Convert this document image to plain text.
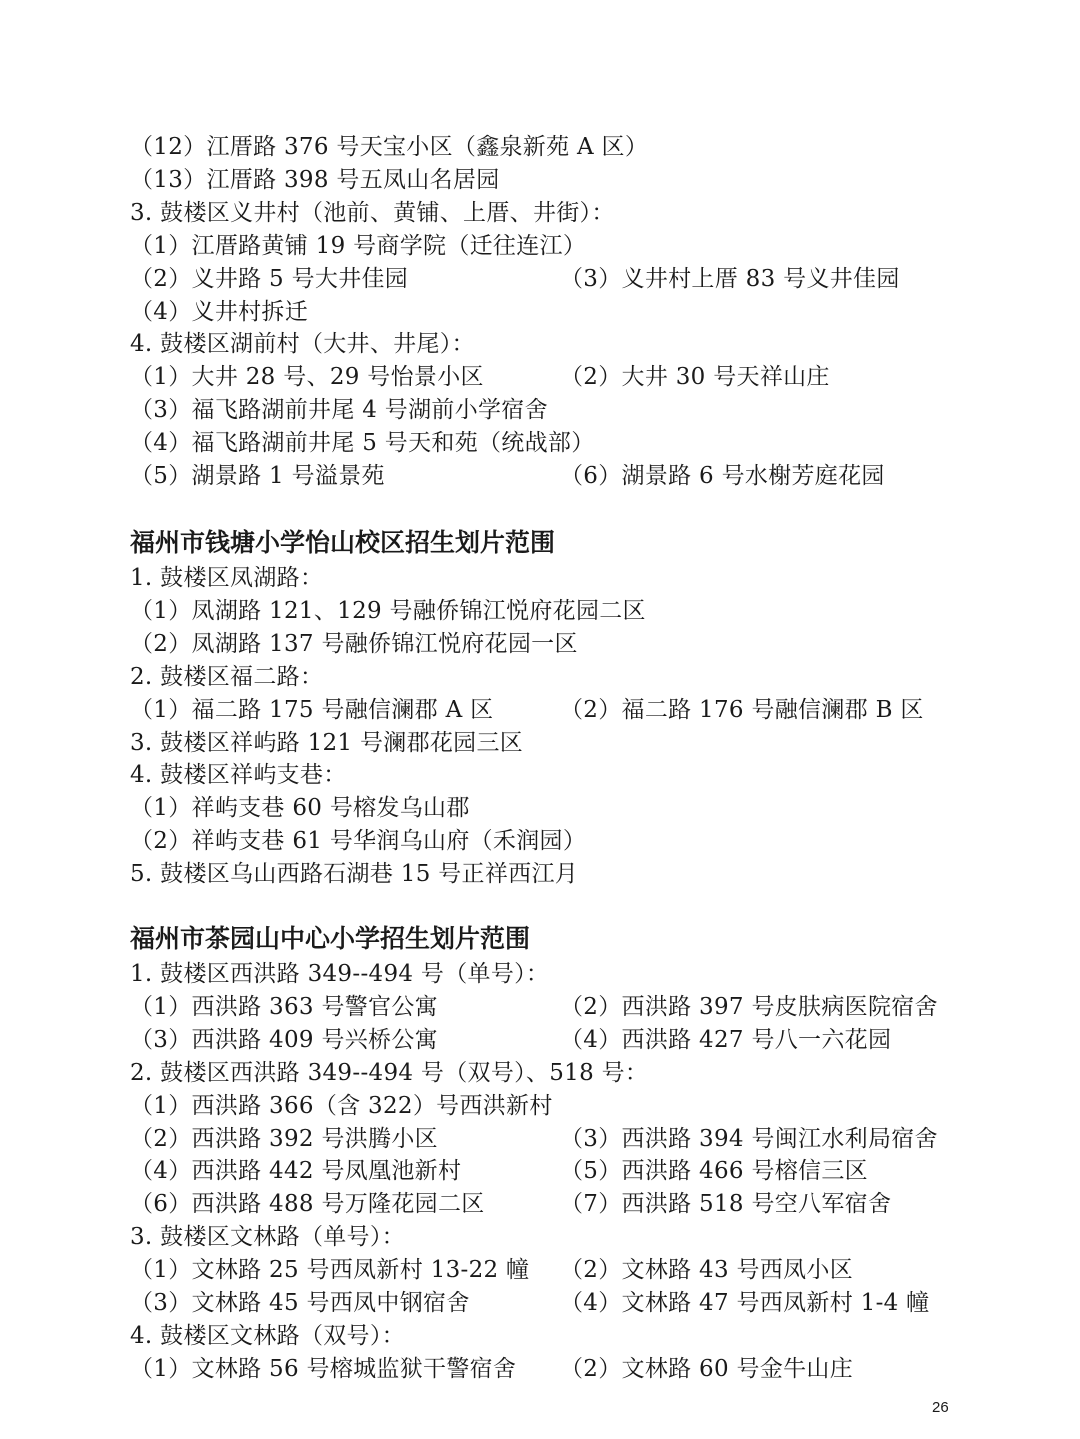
（12）江厝路 376 号天宝小区（鑫泉新苑 A 区）
（13）江厝路 398 号五凤山名居园
3. 鼓楼区义井村（池前、黄铺、上厝、井街）：
（1）江厝路黄铺 19 号商学院（迁往连江）
（2）义井路 5 号大井佳园	（3）义井村上厝 83 号义井佳园
（4）义井村拆迁
4. 鼓楼区湖前村（大井、井尾）：
（1）大井 28 号、29 号怡景小区	（2）大井 30 号天祥山庄
（3）福飞路湖前井尾 4 号湖前小学宿舍
（4）福飞路湖前井尾 5 号天和苑（统战部）
（5）湖景路 1 号溢景苑	（6）湖景路 6 号水榭芳庭花园
福州市钱塘小学怡山校区招生划片范围
1. 鼓楼区凤湖路：
（1）凤湖路 121、129 号融侨锦江悦府花园二区
（2）凤湖路 137 号融侨锦江悦府花园一区
2. 鼓楼区福二路：
（1）福二路 175 号融信澜郡 A 区	（2）福二路 176 号融信澜郡 B 区
3. 鼓楼区祥屿路 121 号澜郡花园三区
4. 鼓楼区祥屿支巷：
（1）祥屿支巷 60 号榕发乌山郡
（2）祥屿支巷 61 号华润乌山府（禾润园）
5. 鼓楼区乌山西路石湖巷 15 号正祥西江月
福州市茶园山中心小学招生划片范围
1. 鼓楼区西洪路 349--494 号（单号）：
（1）西洪路 363 号警官公寓	（2）西洪路 397 号皮肤病医院宿舍
（3）西洪路 409 号兴桥公寓	（4）西洪路 427 号八一六花园
2. 鼓楼区西洪路 349--494 号（双号）、518 号：
（1）西洪路 366（含 322）号西洪新村
（2）西洪路 392 号洪腾小区	（3）西洪路 394 号闽江水利局宿舍
（4）西洪路 442 号凤凰池新村	（5）西洪路 466 号榕信三区
（6）西洪路 488 号万隆花园二区	（7）西洪路 518 号空八军宿舍
3. 鼓楼区文林路（单号）：
（1）文林路 25 号西凤新村 13-22 幢 （2）文林路 43 号西凤小区
（3）文林路 45 号西凤中钢宿舍	（4）文林路 47 号西凤新村 1-4 幢
4. 鼓楼区文林路（双号）：
（1）文林路 56 号榕城监狱干警宿舍 （2）文林路 60 号金牛山庄
26
